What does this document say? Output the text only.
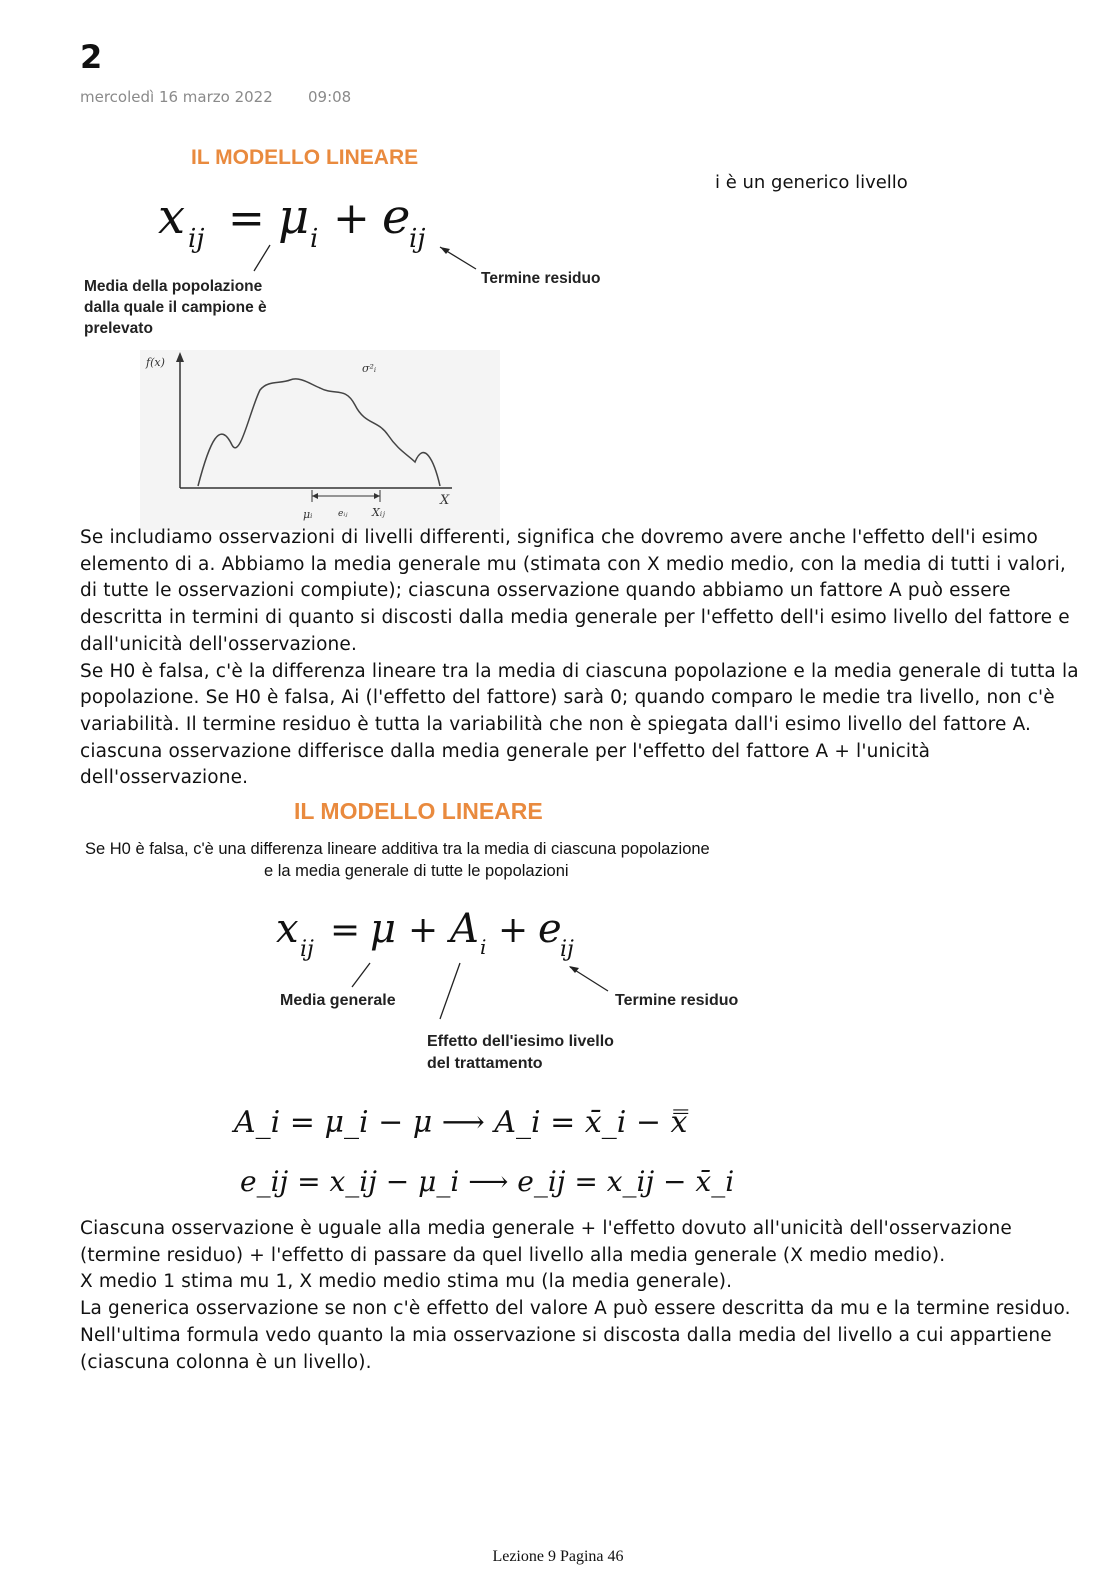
2
mercoledì 16 marzo 2022 09:08
IL MODELLO LINEARE
x ij = μ i + e
ij
Media della popolazione
dalla quale il campione è
prelevato
Termine residuo
f(x)
X
σ²ᵢ
μᵢ	eᵢⱼ Xᵢⱼ
i è un generico livello

Se includiamo osservazioni di livelli differenti, significa che dovremo avere anche l'effetto dell'i esimo elemento di a. Abbiamo la media generale mu (stimata con X medio medio, con la media di tutti i valori, di tutte le osservazioni compiute); ciascuna osservazione quando abbiamo un fattore A può essere descritta in termini di quanto si discosti dalla media generale per l'effetto dell'i esimo livello del fattore e dall'unicità dell'osservazione.

Se H0 è falsa, c'è la differenza lineare tra la media di ciascuna popolazione e la media generale di tutta la popolazione. Se H0 è falsa, Ai (l'effetto del fattore) sarà 0; quando comparo le medie tra livello, non c'è variabilità. Il termine residuo è tutta la variabilità che non è spiegata dall'i esimo livello del fattore A. ciascuna osservazione differisce dalla media generale per l'effetto del fattore A + l'unicità dell'osservazione.

IL MODELLO LINEARE
Se H0 è falsa, c'è una differenza lineare additiva tra la media di ciascuna popolazione
e la media generale di tutte le popolazioni
x ij = μ + A i + e
ij
Media generale	Termine residuo
Effetto dell'iesimo livello
del trattamento
A_i = μ_i − μ ⟶ A_i = x̄_i − x̿
e_ij = x_ij − μ_i ⟶ e_ij = x_ij − x̄_i

Ciascuna osservazione è uguale alla media generale + l'effetto dovuto all'unicità dell'osservazione (termine residuo) + l'effetto di passare da quel livello alla media generale (X medio medio).

X medio 1 stima mu 1, X medio medio stima mu (la media generale).

La generica osservazione se non c'è effetto del valore A può essere descritta da mu e la termine residuo.

Nell'ultima formula vedo quanto la mia osservazione si discosta dalla media del livello a cui appartiene (ciascuna colonna è un livello).

Lezione 9 Pagina 46
